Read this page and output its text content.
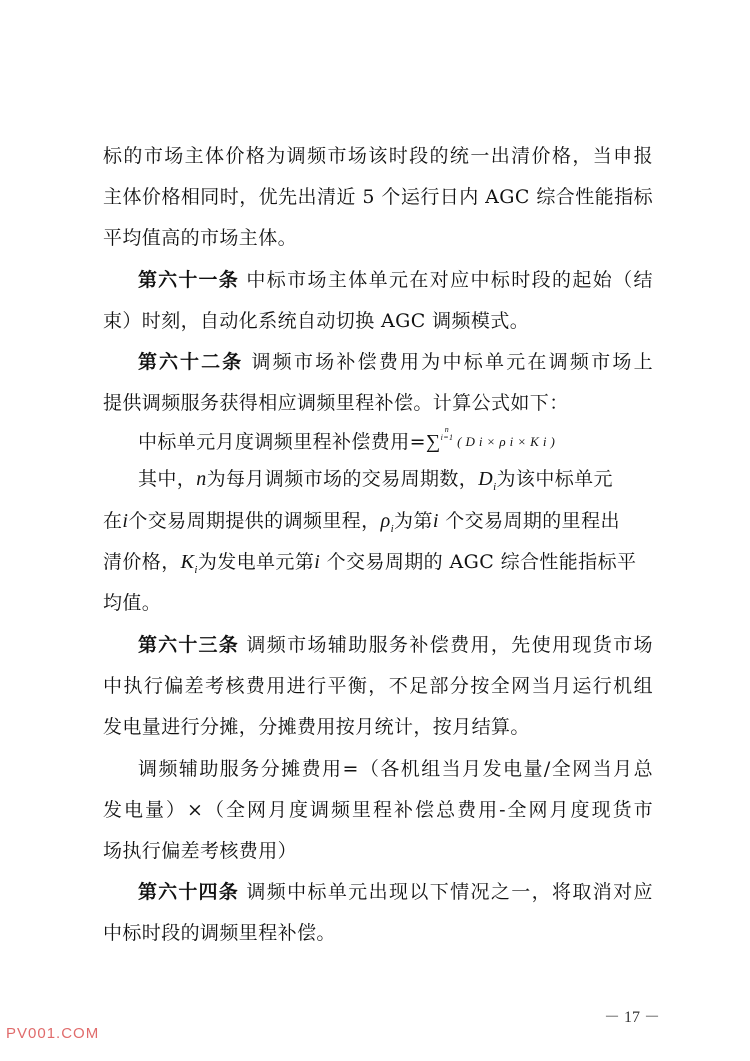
标的市场主体价格为调频市场该时段的统一出清价格，当申报
主体价格相同时，优先出清近 5 个运行日内 AGC 综合性能指标
平均值高的市场主体。
第六十一条 中标市场主体单元在对应中标时段的起始（结
束）时刻，自动化系统自动切换 AGC 调频模式。
第六十二条 调频市场补偿费用为中标单元在调频市场上
提供调频服务获得相应调频里程补偿。计算公式如下：
中标单元月度调频里程补偿费用=∑n
i=1 ( D i × ρ i × K i )
其中，n为每月调频市场的交易周期数，$D_i$为该中标单元
在i个交易周期提供的调频里程，$\rho_i$为第i 个交易周期的里程出
清价格，$K_i$为发电单元第i 个交易周期的 AGC 综合性能指标平
均值。
第六十三条 调频市场辅助服务补偿费用，先使用现货市场
中执行偏差考核费用进行平衡，不足部分按全网当月运行机组
发电量进行分摊，分摊费用按月统计，按月结算。
调频辅助服务分摊费用=（各机组当月发电量/全网当月总
发电量）×（全网月度调频里程补偿总费用-全网月度现货市
场执行偏差考核费用）
第六十四条 调频中标单元出现以下情况之一，将取消对应
中标时段的调频里程补偿。
－ 17 －
PV001.COM
